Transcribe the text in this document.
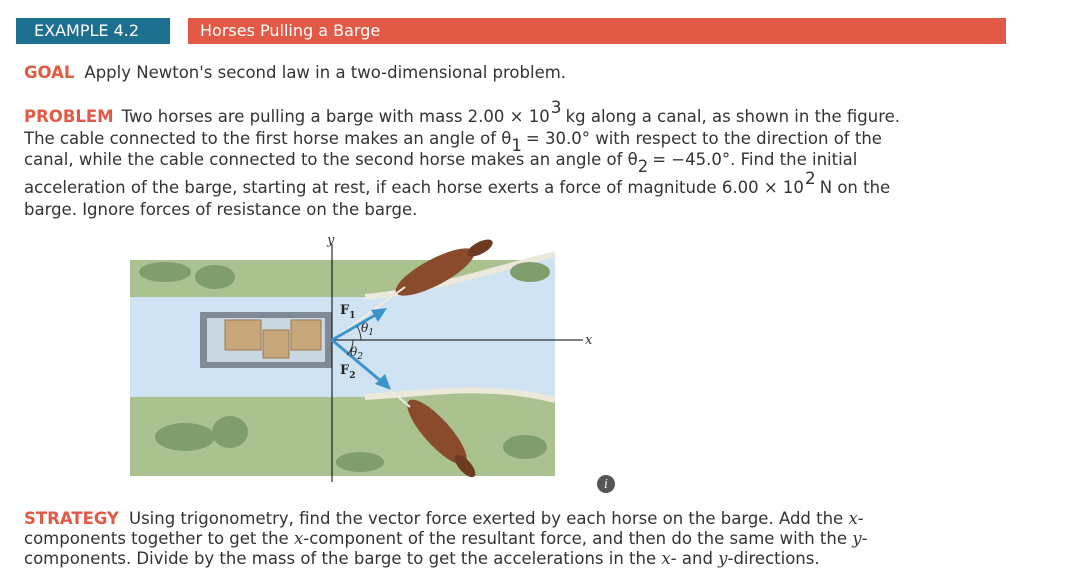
EXAMPLE 4.2	Horses Pulling a Barge
GOAL Apply Newton's second law in a two-dimensional problem.

PROBLEM Two horses are pulling a barge with mass 2.00 × 103 kg along a canal, as shown in the figure.

The cable connected to the first horse makes an angle of θ1 = 30.0° with respect to the direction of the

canal, while the cable connected to the second horse makes an angle of θ2 = −45.0°. Find the initial

acceleration of the barge, starting at rest, if each horse exerts a force of magnitude 6.00 × 102 N on the

barge. Ignore forces of resistance on the barge.

y
x
$F_1$
$\theta_1$
$\theta_2$
$F_2$
i

STRATEGY Using trigonometry, find the vector force exerted by each horse on the barge. Add the x-

components together to get the x-component of the resultant force, and then do the same with the y-

components. Divide by the mass of the barge to get the accelerations in the x- and y-directions.
